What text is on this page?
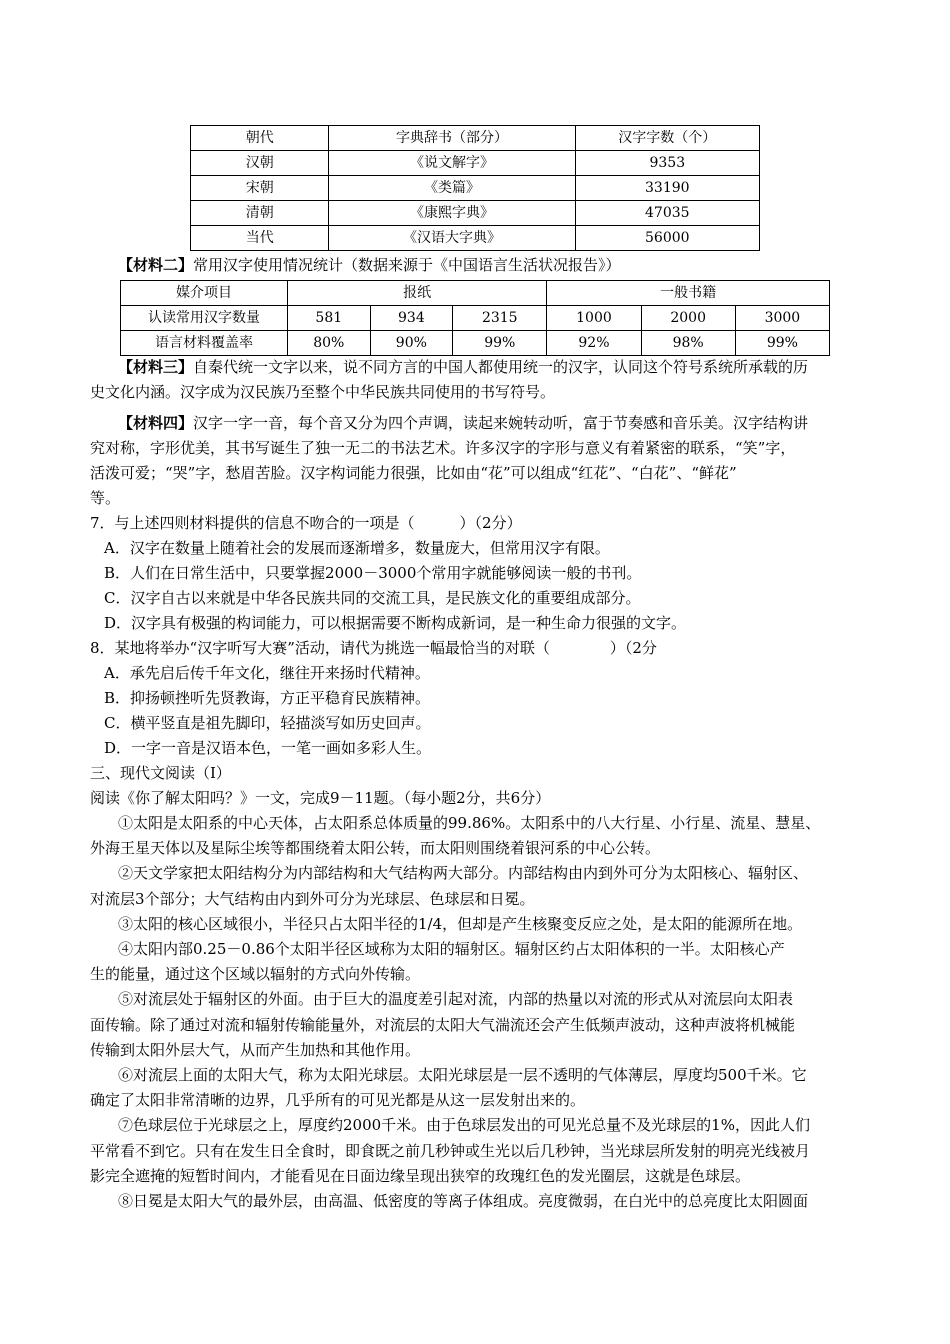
朝代	字典辞书（部分）	汉字字数（个）
汉朝	《说文解字》	9353
宋朝	《类篇》	33190
清朝	《康熙字典》	47035
当代	《汉语大字典》	56000
【材料二】常用汉字使用情况统计（数据来源于《中国语言生活状况报告》）
媒介项目	报纸			一般书籍		
认读常用汉字数量	581	934	2315	1000	2000	3000
语言材料覆盖率	80%	90%	99%	92%	98%	99%
【材料三】自秦代统一文字以来，说不同方言的中国人都使用统一的汉字，认同这个符号系统所承载的历
史文化内涵。汉字成为汉民族乃至整个中华民族共同使用的书写符号。
【材料四】汉字一字一音，每个音又分为四个声调，读起来婉转动听，富于节奏感和音乐美。汉字结构讲
究对称，字形优美，其书写诞生了独一无二的书法艺术。许多汉字的字形与意义有着紧密的联系，“笑”字，
活泼可爱；“哭”字，愁眉苦脸。汉字构词能力很强，比如由“花”可以组成“红花”、“白花”、“鲜花”
等。
7．与上述四则材料提供的信息不吻合的一项是（　　　）（2分）
A．汉字在数量上随着社会的发展而逐渐增多，数量庞大，但常用汉字有限。
B．人们在日常生活中，只要掌握2000－3000个常用字就能够阅读一般的书刊。
C．汉字自古以来就是中华各民族共同的交流工具，是民族文化的重要组成部分。
D．汉字具有极强的构词能力，可以根据需要不断构成新词，是一种生命力很强的文字。
8．某地将举办“汉字听写大赛”活动，请代为挑选一幅最恰当的对联（　　　　）（2分
A．承先启后传千年文化，继往开来扬时代精神。
B．抑扬顿挫听先贤教诲，方正平稳育民族精神。
C．横平竖直是祖先脚印，轻描淡写如历史回声。
D．一字一音是汉语本色，一笔一画如多彩人生。
三、现代文阅读（Ⅰ）
阅读《你了解太阳吗？》一文，完成9－11题。（每小题2分，共6分）
①太阳是太阳系的中心天体，占太阳系总体质量的99.86%。太阳系中的八大行星、小行星、流星、慧星、
外海王星天体以及星际尘埃等都围绕着太阳公转，而太阳则围绕着银河系的中心公转。
②天文学家把太阳结构分为内部结构和大气结构两大部分。内部结构由内到外可分为太阳核心、辐射区、
对流层3个部分；大气结构由内到外可分为光球层、色球层和日冕。
③太阳的核心区域很小，半径只占太阳半径的1/4，但却是产生核聚变反应之处，是太阳的能源所在地。
④太阳内部0.25－0.86个太阳半径区域称为太阳的辐射区。辐射区约占太阳体积的一半。太阳核心产
生的能量，通过这个区域以辐射的方式向外传输。
⑤对流层处于辐射区的外面。由于巨大的温度差引起对流，内部的热量以对流的形式从对流层向太阳表
面传输。除了通过对流和辐射传输能量外，对流层的太阳大气湍流还会产生低频声波动，这种声波将机械能
传输到太阳外层大气，从而产生加热和其他作用。
⑥对流层上面的太阳大气，称为太阳光球层。太阳光球层是一层不透明的气体薄层，厚度均500千米。它
确定了太阳非常清晰的边界，几乎所有的可见光都是从这一层发射出来的。
⑦色球层位于光球层之上，厚度约2000千米。由于色球层发出的可见光总量不及光球层的1%，因此人们
平常看不到它。只有在发生日全食时，即食既之前几秒钟或生光以后几秒钟，当光球层所发射的明亮光线被月
影完全遮掩的短暂时间内，才能看见在日面边缘呈现出狭窄的玫瑰红色的发光圈层，这就是色球层。
⑧日冕是太阳大气的最外层，由高温、低密度的等离子体组成。亮度微弱，在白光中的总亮度比太阳圆面
